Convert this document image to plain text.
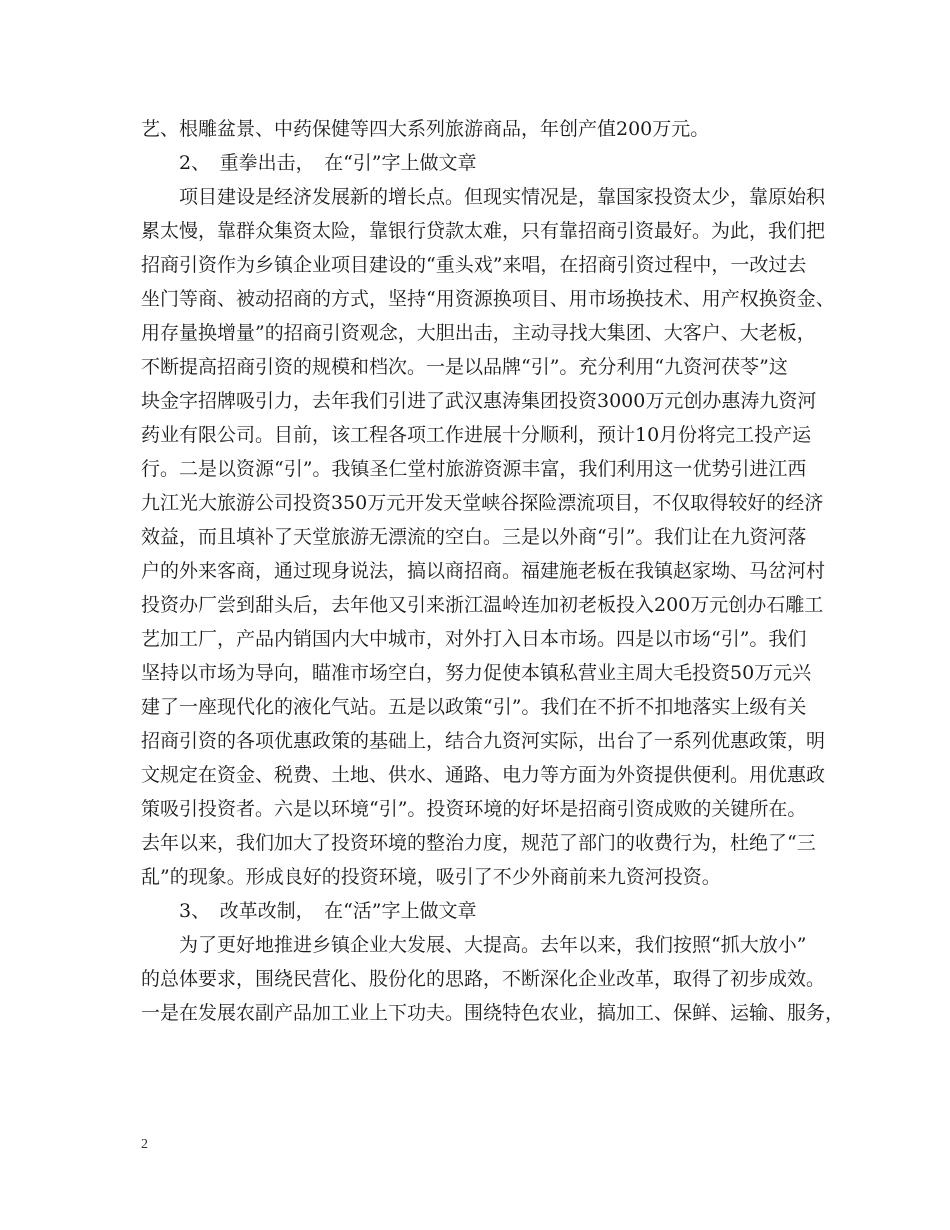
艺、根雕盆景、中药保健等四大系列旅游商品，年创产值200万元。
　　2、　重拳出击，　在“引”字上做文章
　　项目建设是经济发展新的增长点。但现实情况是，靠国家投资太少，靠原始积
累太慢，靠群众集资太险，靠银行贷款太难，只有靠招商引资最好。为此，我们把
招商引资作为乡镇企业项目建设的“重头戏”来唱，在招商引资过程中，一改过去
坐门等商、被动招商的方式，坚持“用资源换项目、用市场换技术、用产权换资金、
用存量换增量”的招商引资观念，大胆出击，主动寻找大集团、大客户、大老板，
不断提高招商引资的规模和档次。一是以品牌“引”。充分利用“九资河茯苓”这
块金字招牌吸引力，去年我们引进了武汉惠涛集团投资3000万元创办惠涛九资河
药业有限公司。目前，该工程各项工作进展十分顺利，预计10月份将完工投产运
行。二是以资源“引”。我镇圣仁堂村旅游资源丰富，我们利用这一优势引进江西
九江光大旅游公司投资350万元开发天堂峡谷探险漂流项目，不仅取得较好的经济
效益，而且填补了天堂旅游无漂流的空白。三是以外商“引”。我们让在九资河落
户的外来客商，通过现身说法，搞以商招商。福建施老板在我镇赵家坳、马岔河村
投资办厂尝到甜头后，去年他又引来浙江温岭连加初老板投入200万元创办石雕工
艺加工厂，产品内销国内大中城市，对外打入日本市场。四是以市场“引”。我们
坚持以市场为导向，瞄准市场空白，努力促使本镇私营业主周大毛投资50万元兴
建了一座现代化的液化气站。五是以政策“引”。我们在不折不扣地落实上级有关
招商引资的各项优惠政策的基础上，结合九资河实际，出台了一系列优惠政策，明
文规定在资金、税费、土地、供水、通路、电力等方面为外资提供便利。用优惠政
策吸引投资者。六是以环境“引”。投资环境的好坏是招商引资成败的关键所在。
去年以来，我们加大了投资环境的整治力度，规范了部门的收费行为，杜绝了“三
乱”的现象。形成良好的投资环境，吸引了不少外商前来九资河投资。
　　3、　改革改制，　在“活”字上做文章
　　为了更好地推进乡镇企业大发展、大提高。去年以来，我们按照“抓大放小”
的总体要求，围绕民营化、股份化的思路，不断深化企业改革，取得了初步成效。
一是在发展农副产品加工业上下功夫。围绕特色农业，搞加工、保鲜、运输、服务，
2
